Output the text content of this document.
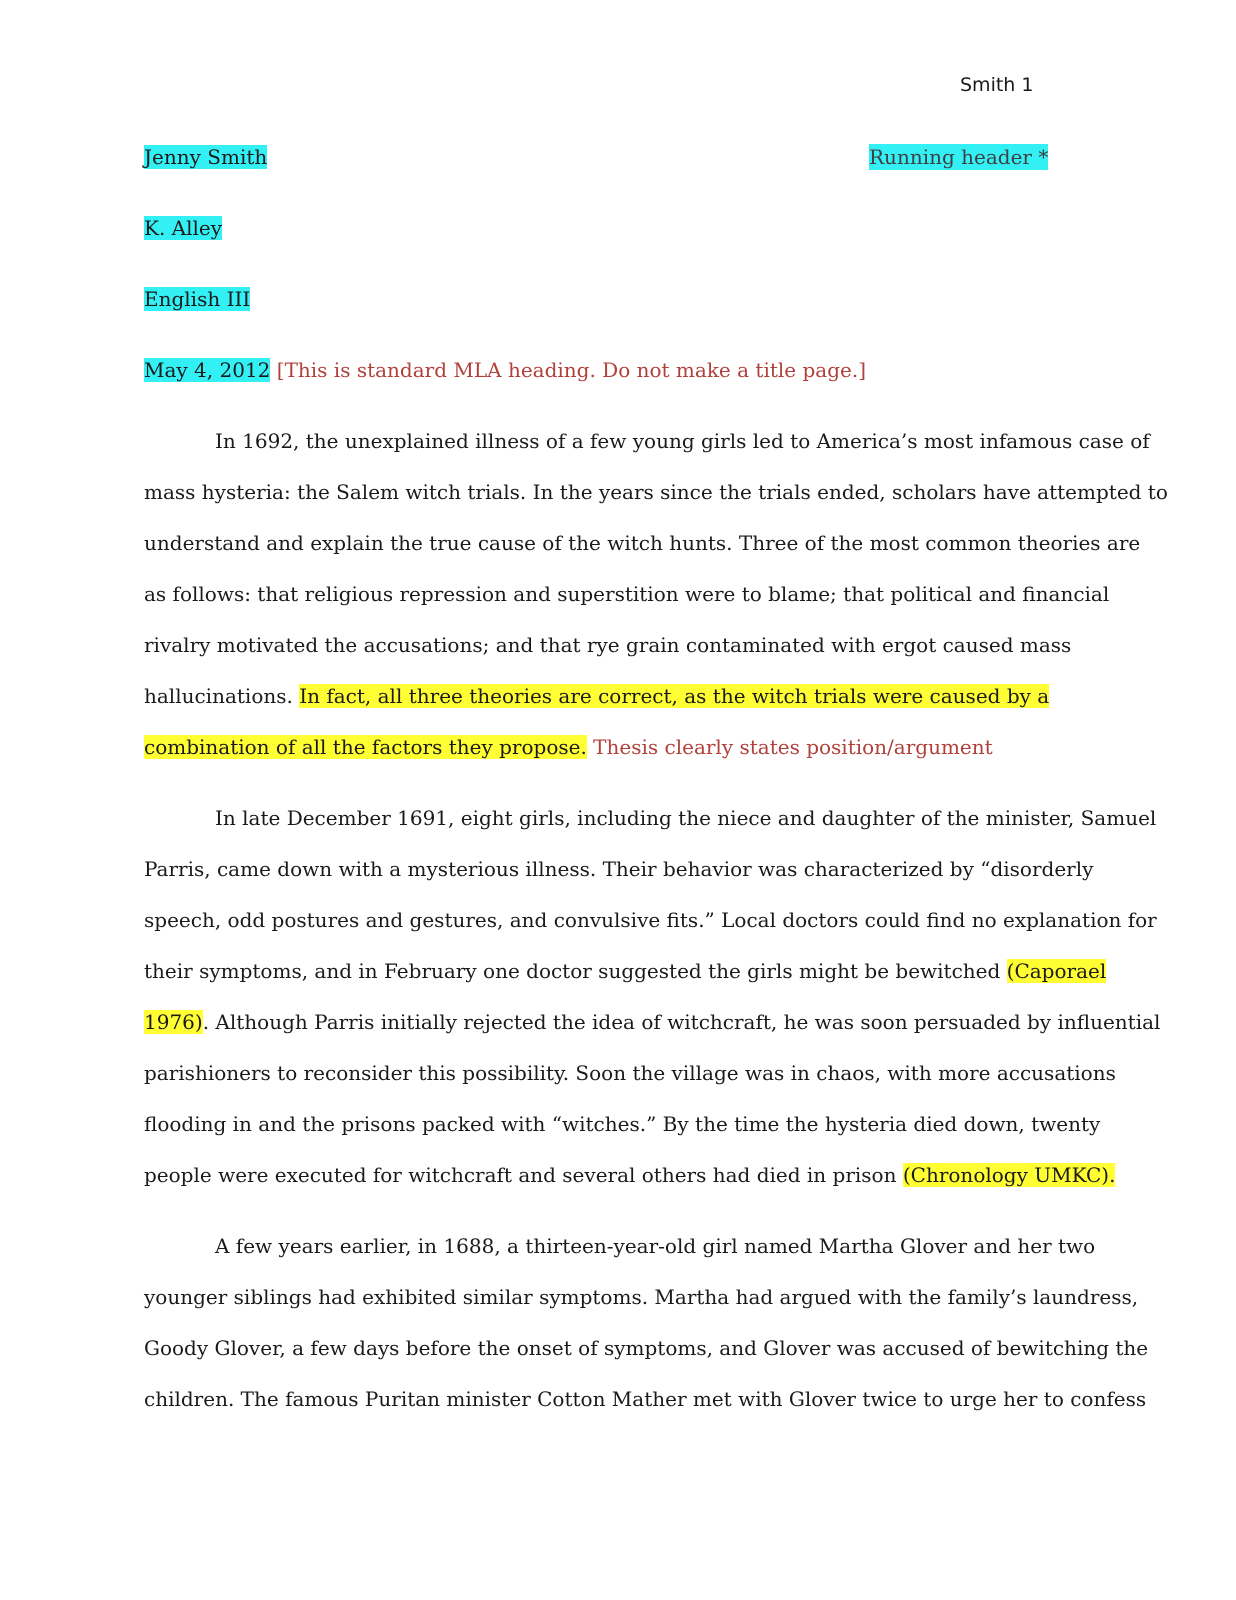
Smith 1
Running header *
Jenny Smith
K. Alley
English III
May 4, 2012 [This is standard MLA heading. Do not make a title page.]
In 1692, the unexplained illness of a few young girls led to America’s most infamous case of
mass hysteria: the Salem witch trials. In the years since the trials ended, scholars have attempted to
understand and explain the true cause of the witch hunts. Three of the most common theories are
as follows: that religious repression and superstition were to blame; that political and financial
rivalry motivated the accusations; and that rye grain contaminated with ergot caused mass
hallucinations. In fact, all three theories are correct, as the witch trials were caused by a
combination of all the factors they propose. Thesis clearly states position/argument
In late December 1691, eight girls, including the niece and daughter of the minister, Samuel
Parris, came down with a mysterious illness. Their behavior was characterized by “disorderly
speech, odd postures and gestures, and convulsive fits.” Local doctors could find no explanation for
their symptoms, and in February one doctor suggested the girls might be bewitched (Caporael
1976). Although Parris initially rejected the idea of witchcraft, he was soon persuaded by influential
parishioners to reconsider this possibility. Soon the village was in chaos, with more accusations
flooding in and the prisons packed with “witches.” By the time the hysteria died down, twenty
people were executed for witchcraft and several others had died in prison (Chronology UMKC).
A few years earlier, in 1688, a thirteen-year-old girl named Martha Glover and her two
younger siblings had exhibited similar symptoms. Martha had argued with the family’s laundress,
Goody Glover, a few days before the onset of symptoms, and Glover was accused of bewitching the
children. The famous Puritan minister Cotton Mather met with Glover twice to urge her to confess
